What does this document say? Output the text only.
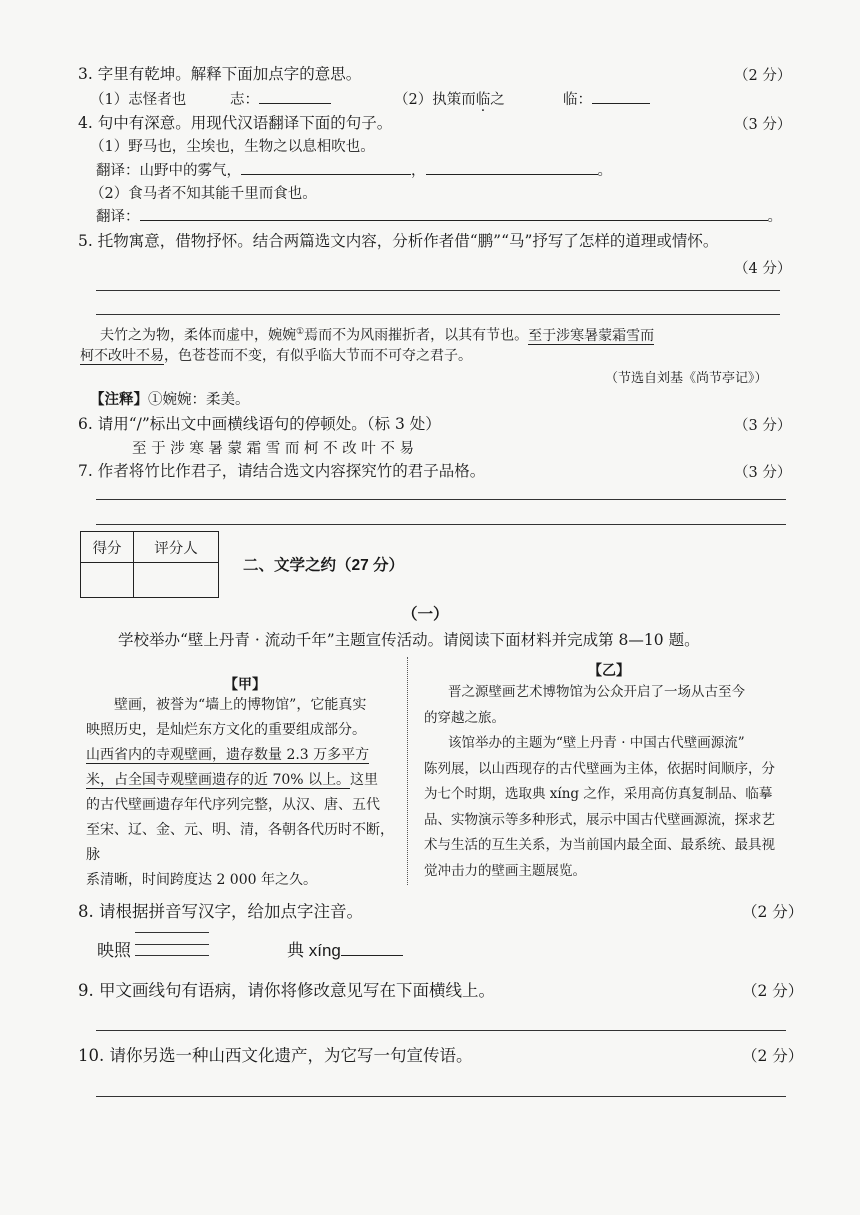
3. 字里有乾坤。解释下面加点字的意思。	（2 分）
（1）志怪者也	志：	（2）执策而临之	临：
4. 句中有深意。用现代汉语翻译下面的句子。	（3 分）
（1）野马也，尘埃也，生物之以息相吹也。
翻译：山野中的雾气，	，	。
（2）食马者不知其能千里而食也。
翻译：	。
5. 托物寓意，借物抒怀。结合两篇选文内容，分析作者借“鹏”“马”抒写了怎样的道理或情怀。
（4 分）
夫竹之为物，柔体而虚中，婉婉①焉而不为风雨摧折者，以其有节也。至于涉寒暑蒙霜雪而
柯不改叶不易，色苍苍而不变，有似乎临大节而不可夺之君子。
（节选自刘基《尚节亭记》）
【注释】①婉婉：柔美。
6. 请用“/”标出文中画横线语句的停顿处。（标 3 处）	（3 分）
至 于 涉 寒 暑 蒙 霜 雪 而 柯 不 改 叶 不 易
7. 作者将竹比作君子，请结合选文内容探究竹的君子品格。	（3 分）
得分	评分人

二、文学之约（27 分）
（一）
学校举办“壁上丹青 · 流动千年”主题宣传活动。请阅读下面材料并完成第 8—10 题。
【甲】
壁画，被誉为“墙上的博物馆”，它能真实
映照历史，是灿烂东方文化的重要组成部分。
山西省内的寺观壁画，遗存数量 2.3 万多平方
米，占全国寺观壁画遗存的近 70% 以上。这里
的古代壁画遗存年代序列完整，从汉、唐、五代
至宋、辽、金、元、明、清，各朝各代历时不断，脉
系清晰，时间跨度达 2 000 年之久。
【乙】
晋之源壁画艺术博物馆为公众开启了一场从古至今
的穿越之旅。
该馆举办的主题为“壁上丹青 · 中国古代壁画源流”
陈列展，以山西现存的古代壁画为主体，依据时间顺序，分
为七个时期，选取典 xíng 之作，采用高仿真复制品、临摹
品、实物演示等多种形式，展示中国古代壁画源流，探求艺
术与生活的互生关系，为当前国内最全面、最系统、最具视
觉冲击力的壁画主题展览。
8. 请根据拼音写汉字，给加点字注音。	（2 分）
映照	典 xíng
9. 甲文画线句有语病，请你将修改意见写在下面横线上。	（2 分）
10. 请你另选一种山西文化遗产，为它写一句宣传语。	（2 分）
